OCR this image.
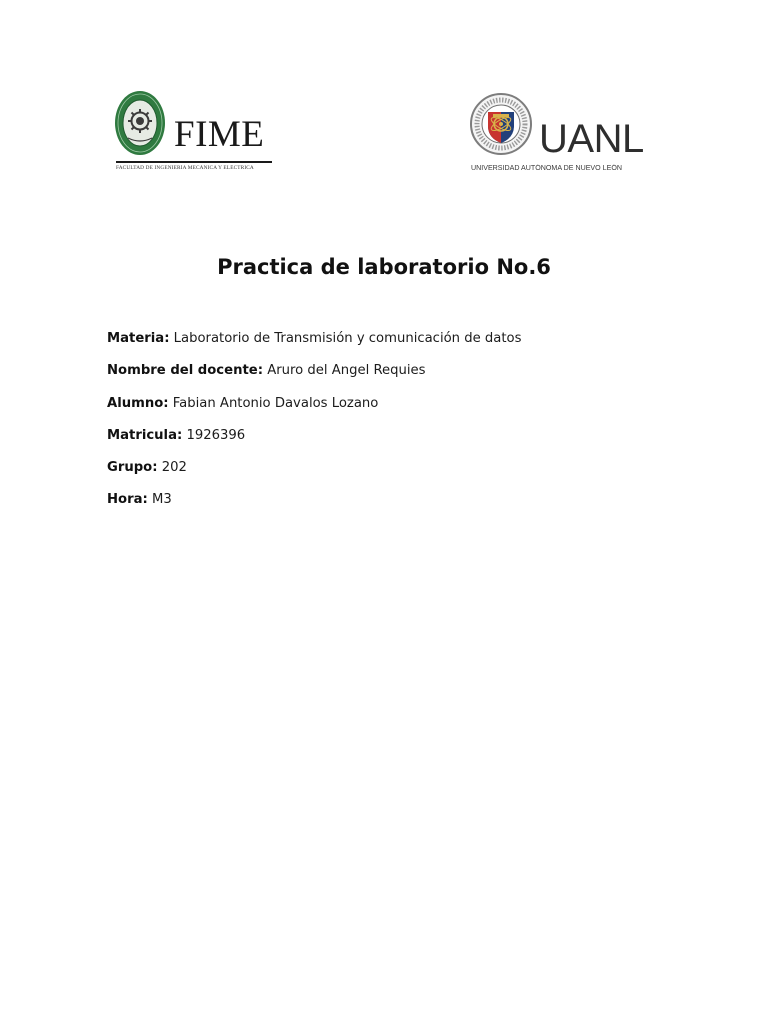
FIME
FACULTAD DE INGENIERÍA MECÁNICA Y ELÉCTRICA
UANL
UNIVERSIDAD AUTÓNOMA DE NUEVO LEÓN
Practica de laboratorio No.6
Materia: Laboratorio de Transmisión y comunicación de datos
Nombre del docente: Aruro del Angel Requies
Alumno: Fabian Antonio Davalos Lozano
Matricula: 1926396
Grupo: 202
Hora: M3
